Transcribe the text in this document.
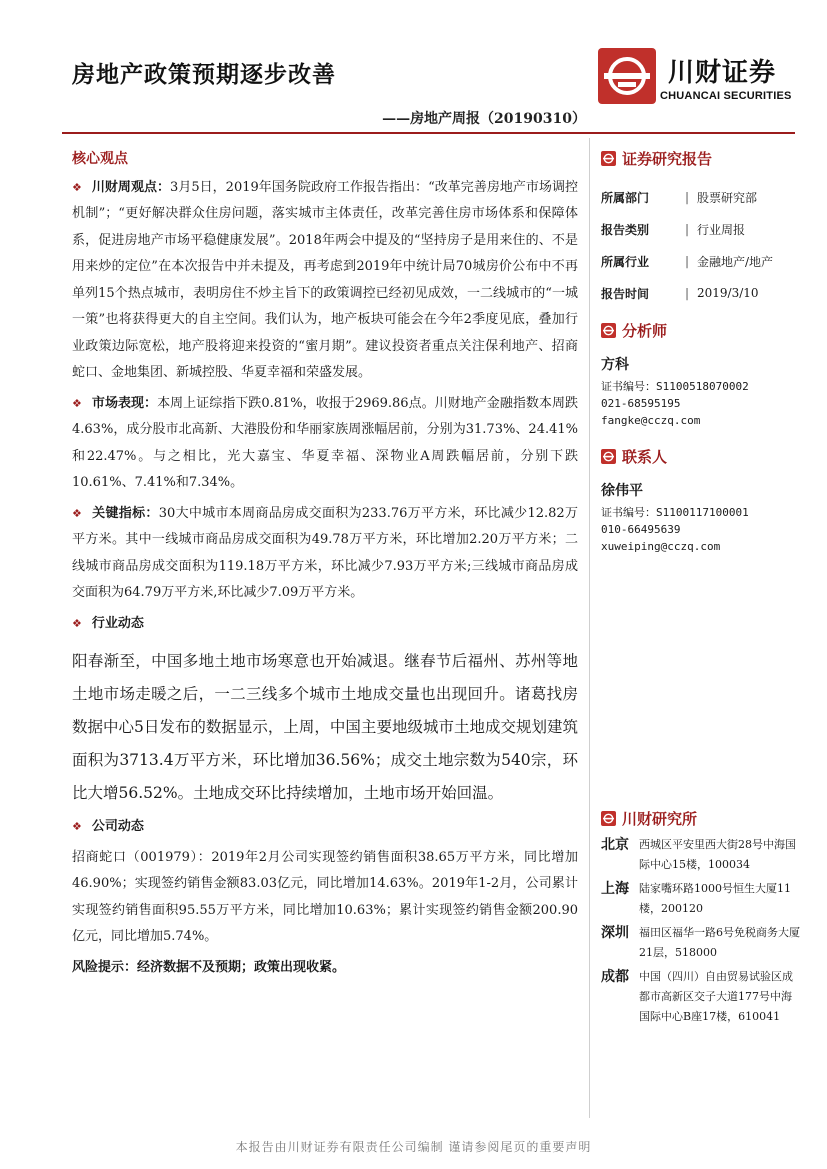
房地产政策预期逐步改善
——房地产周报（20190310）
川财证券
CHUANCAI SECURITIES
核心观点
❖ 川财周观点：3月5日，2019年国务院政府工作报告指出：“改革完善房地产市场调控机制”；“更好解决群众住房问题，落实城市主体责任，改革完善住房市场体系和保障体系，促进房地产市场平稳健康发展”。2018年两会中提及的“坚持房子是用来住的、不是用来炒的定位”在本次报告中并未提及，再考虑到2019年中统计局70城房价公布中不再单列15个热点城市，表明房住不炒主旨下的政策调控已经初见成效，一二线城市的“一城一策”也将获得更大的自主空间。我们认为，地产板块可能会在今年2季度见底，叠加行业政策边际宽松，地产股将迎来投资的“蜜月期”。建议投资者重点关注保利地产、招商蛇口、金地集团、新城控股、华夏幸福和荣盛发展。
❖ 市场表现：本周上证综指下跌0.81%，收报于2969.86点。川财地产金融指数本周跌4.63%，成分股市北高新、大港股份和华丽家族周涨幅居前，分别为31.73%、24.41%和22.47%。与之相比，光大嘉宝、华夏幸福、深物业A周跌幅居前，分别下跌10.61%、7.41%和7.34%。
❖ 关键指标：30大中城市本周商品房成交面积为233.76万平方米，环比减少12.82万平方米。其中一线城市商品房成交面积为49.78万平方米，环比增加2.20万平方米；二线城市商品房成交面积为119.18万平方米，环比减少7.93万平方米;三线城市商品房成交面积为64.79万平方米,环比减少7.09万平方米。
❖ 行业动态
阳春渐至，中国多地土地市场寒意也开始减退。继春节后福州、苏州等地土地市场走暖之后，一二三线多个城市土地成交量也出现回升。诸葛找房数据中心5日发布的数据显示，上周，中国主要地级城市土地成交规划建筑面积为3713.4万平方米，环比增加36.56%；成交土地宗数为540宗，环比大增56.52%。土地成交环比持续增加，土地市场开始回温。
❖ 公司动态
招商蛇口（001979）：2019年2月公司实现签约销售面积38.65万平方米，同比增加46.90%；实现签约销售金额83.03亿元，同比增加14.63%。2019年1-2月，公司累计实现签约销售面积95.55万平方米，同比增加10.63%；累计实现签约销售金额200.90亿元，同比增加5.74%。
风险提示：经济数据不及预期；政策出现收紧。
证券研究报告
所属部门	| 股票研究部
报告类别	| 行业周报
所属行业	| 金融地产/地产
报告时间	| 2019/3/10
分析师
方科
证书编号：S1100518070002
021-68595195
fangke@cczq.com
联系人
徐伟平
证书编号：S1100117100001
010-66495639
xuweiping@cczq.com
川财研究所
北京 西城区平安里西大街28号中海国际中心15楼，100034
上海 陆家嘴环路1000号恒生大厦11楼，200120
深圳 福田区福华一路6号免税商务大厦21层，518000
成都 中国（四川）自由贸易试验区成都市高新区交子大道177号中海国际中心B座17楼，610041
本报告由川财证券有限责任公司编制 谨请参阅尾页的重要声明
